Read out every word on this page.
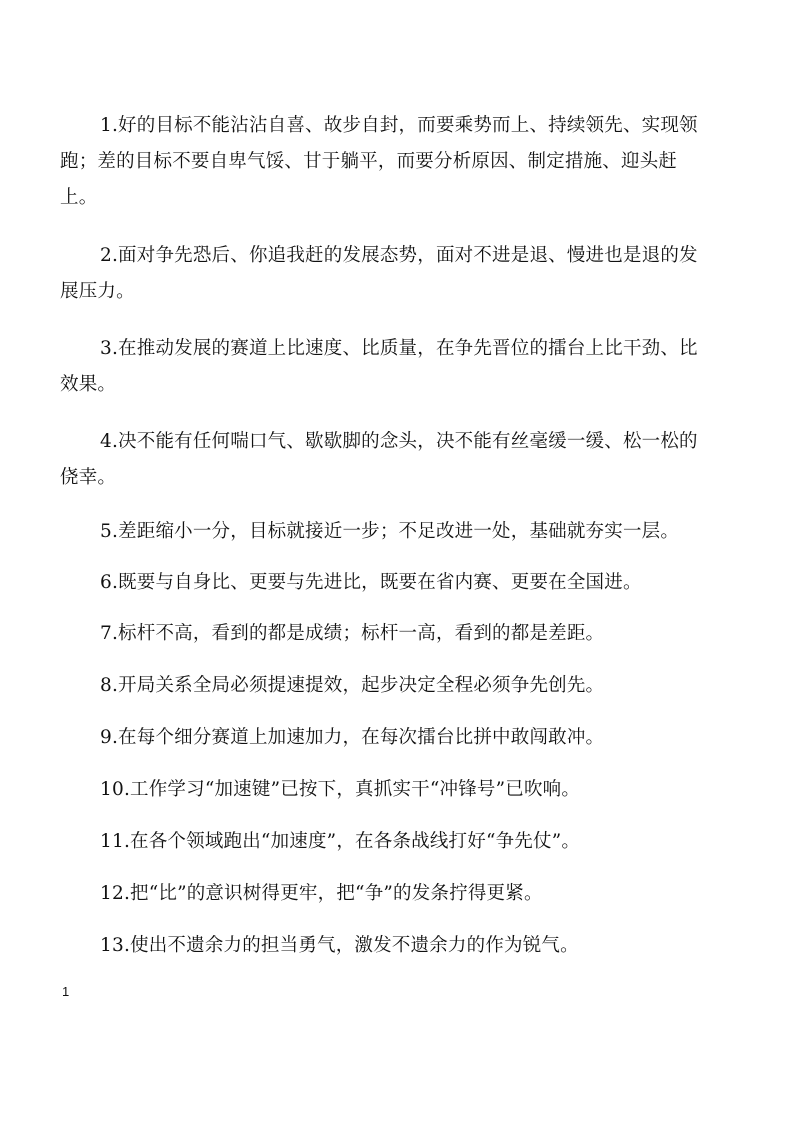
1.好的目标不能沾沾自喜、故步自封，而要乘势而上、持续领先、实现领跑；差的目标不要自卑气馁、甘于躺平，而要分析原因、制定措施、迎头赶上。

2.面对争先恐后、你追我赶的发展态势，面对不进是退、慢进也是退的发展压力。

3.在推动发展的赛道上比速度、比质量，在争先晋位的擂台上比干劲、比效果。

4.决不能有任何喘口气、歇歇脚的念头，决不能有丝毫缓一缓、松一松的侥幸。

5.差距缩小一分，目标就接近一步；不足改进一处，基础就夯实一层。

6.既要与自身比、更要与先进比，既要在省内赛、更要在全国进。

7.标杆不高，看到的都是成绩；标杆一高，看到的都是差距。

8.开局关系全局必须提速提效，起步决定全程必须争先创先。

9.在每个细分赛道上加速加力，在每次擂台比拼中敢闯敢冲。

10.工作学习“加速键”已按下，真抓实干“冲锋号”已吹响。

11.在各个领域跑出“加速度”，在各条战线打好“争先仗”。

12.把“比”的意识树得更牢，把“争”的发条拧得更紧。

13.使出不遗余力的担当勇气，激发不遗余力的作为锐气。

1
